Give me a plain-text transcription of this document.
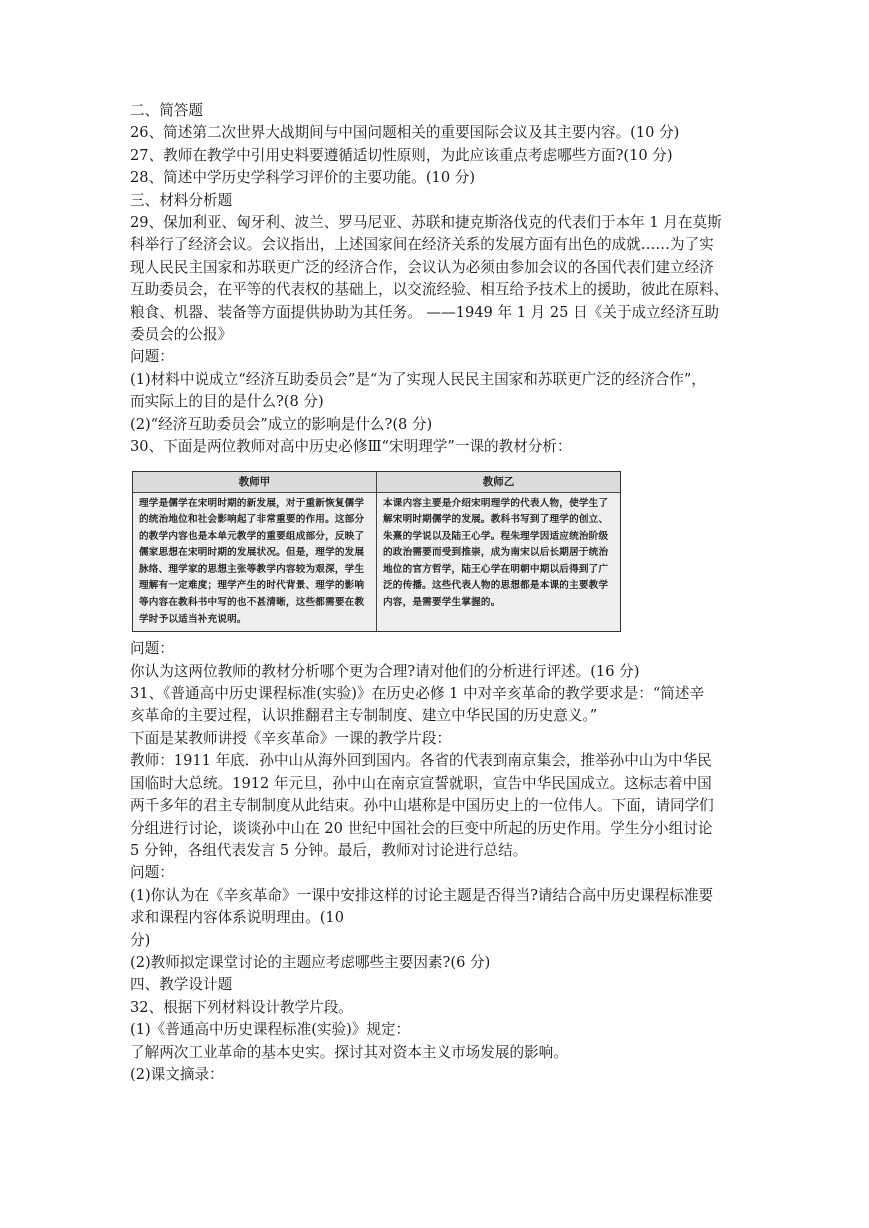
二、简答题
26、简述第二次世界大战期间与中国问题相关的重要国际会议及其主要内容。(10 分)
27、教师在教学中引用史料要遵循适切性原则，为此应该重点考虑哪些方面?(10 分)
28、简述中学历史学科学习评价的主要功能。(10 分)
三、材料分析题
29、保加利亚、匈牙利、波兰、罗马尼亚、苏联和捷克斯洛伐克的代表们于本年 1 月在莫斯
科举行了经济会议。会议指出，上述国家间在经济关系的发展方面有出色的成就……为了实
现人民民主国家和苏联更广泛的经济合作，会议认为必须由参加会议的各国代表们建立经济
互助委员会，在平等的代表权的基础上，以交流经验、相互给予技术上的援助，彼此在原料、
粮食、机器、装备等方面提供协助为其任务。 ——1949 年 1 月 25 日《关于成立经济互助
委员会的公报》
问题：
(1)材料中说成立“经济互助委员会”是“为了实现人民民主国家和苏联更广泛的经济合作”，
而实际上的目的是什么?(8 分)
(2)“经济互助委员会”成立的影响是什么?(8 分)
30、下面是两位教师对高中历史必修Ⅲ“宋明理学”一课的教材分析：
教师甲	教师乙
理学是儒学在宋明时期的新发展，对于重新恢复儒学的统治地位和社会影响起了非常重要的作用。这部分的教学内容也是本单元教学的重要组成部分，反映了儒家思想在宋明时期的发展状况。但是，理学的发展脉络、理学家的思想主张等教学内容较为艰深，学生理解有一定难度；理学产生的时代背景、理学的影响等内容在教科书中写的也不甚清晰，这些都需要在教学时予以适当补充说明。
本课内容主要是介绍宋明理学的代表人物，使学生了解宋明时期儒学的发展。教科书写到了理学的创立、朱熹的学说以及陆王心学。程朱理学因适应统治阶级的政治需要而受到推崇，成为南宋以后长期居于统治地位的官方哲学，陆王心学在明朝中期以后得到了广泛的传播。这些代表人物的思想都是本课的主要教学内容，是需要学生掌握的。
问题：
你认为这两位教师的教材分析哪个更为合理?请对他们的分析进行评述。(16 分)
31、《普通高中历史课程标准(实验)》在历史必修 1 中对辛亥革命的教学要求是：“简述辛
亥革命的主要过程，认识推翻君主专制制度、建立中华民国的历史意义。”
下面是某教师讲授《辛亥革命》一课的教学片段：
教师：1911 年底．孙中山从海外回到国内。各省的代表到南京集会，推举孙中山为中华民
国临时大总统。1912 年元旦，孙中山在南京宣誓就职，宣告中华民国成立。这标志着中国
两千多年的君主专制制度从此结束。孙中山堪称是中国历史上的一位伟人。下面，请同学们
分组进行讨论，谈谈孙中山在 20 世纪中国社会的巨变中所起的历史作用。学生分小组讨论
5 分钟，各组代表发言 5 分钟。最后，教师对讨论进行总结。
问题：
(1)你认为在《辛亥革命》一课中安排这样的讨论主题是否得当?请结合高中历史课程标准要
求和课程内容体系说明理由。(10
分)
(2)教师拟定课堂讨论的主题应考虑哪些主要因素?(6 分)
四、教学设计题
32、根据下列材料设计教学片段。
(1)《普通高中历史课程标准(实验)》规定：
了解两次工业革命的基本史实。探讨其对资本主义市场发展的影响。
(2)课文摘录：
